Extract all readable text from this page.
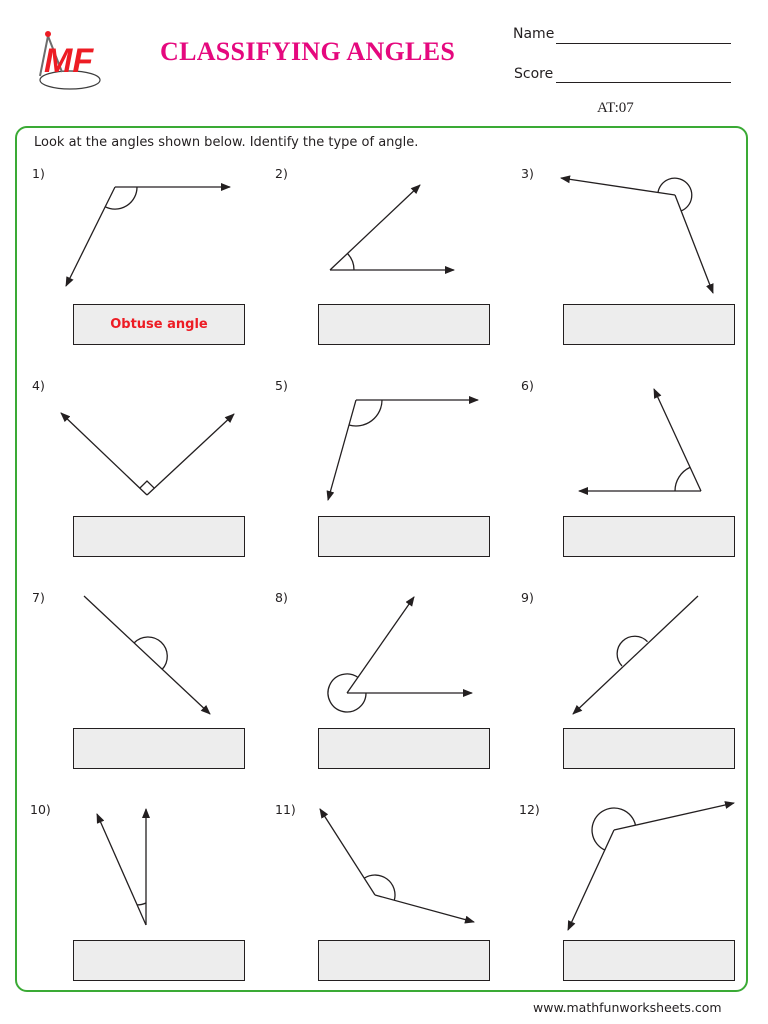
MF	CLASSIFYING ANGLES
Name
Score
AT:07
Look at the angles shown below. Identify the type of angle.
1)	2)	3)
4)	5)	6)
7)	8)	9)
10)	11)	12)
Obtuse angle
www.mathfunworksheets.com
